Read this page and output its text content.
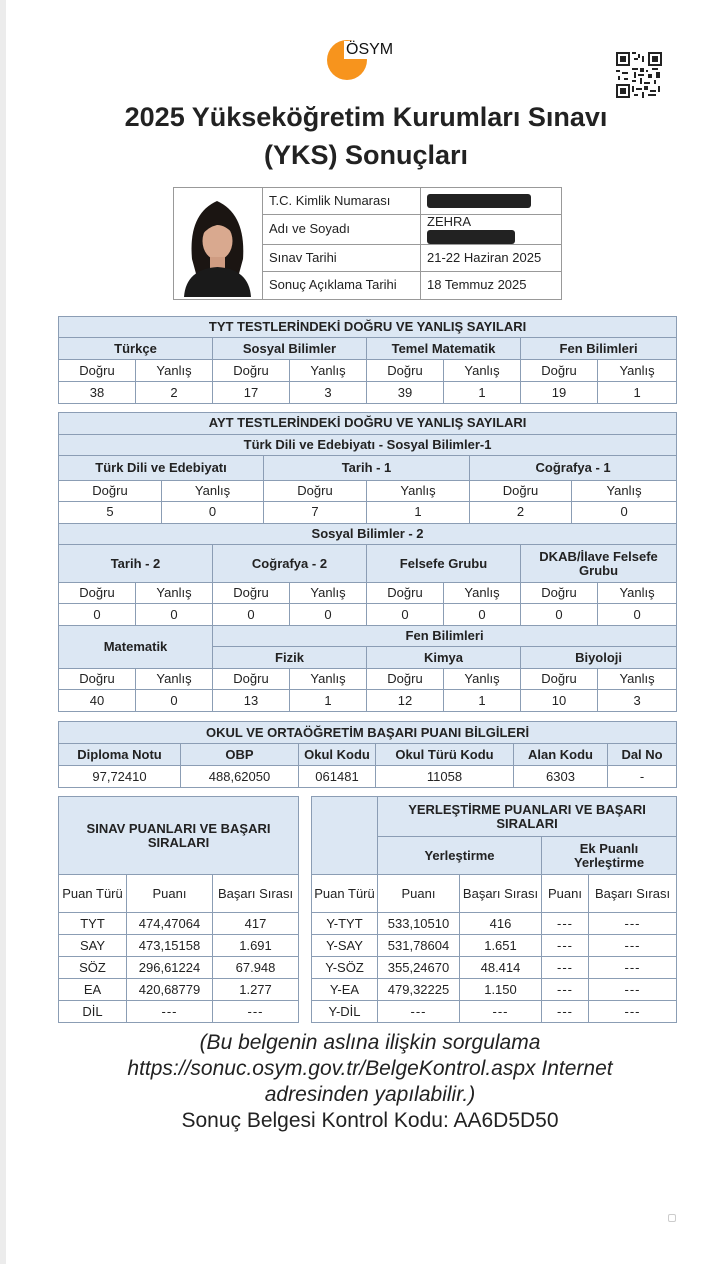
ÖSYM
2025 Yükseköğretim Kurumları Sınavı
(YKS) Sonuçları
	T.C. Kimlik Numarası	
	Adı ve Soyadı	ZEHRA
	Sınav Tarihi	21-22 Haziran 2025
	Sonuç Açıklama Tarihi	18 Temmuz 2025
TYT TESTLERİNDEKİ DOĞRU VE YANLIŞ SAYILARI							
Türkçe		Sosyal Bilimler		Temel Matematik		Fen Bilimleri	
Doğru	Yanlış	Doğru	Yanlış	Doğru	Yanlış	Doğru	Yanlış
38	2	17	3	39	1	19	1
AYT TESTLERİNDEKİ DOĞRU VE YANLIŞ SAYILARI											
Türk Dili ve Edebiyatı - Sosyal Bilimler-1											
Türk Dili ve Edebiyatı				Tarih - 1				Coğrafya - 1			
Doğru		Yanlış		Doğru		Yanlış		Doğru		Yanlış	
5		0		7		1		2		0	
Sosyal Bilimler - 2											
Tarih - 2			Coğrafya - 2			Felsefe Grubu			DKAB/İlave Felsefe Grubu		
Doğru	Yanlış		Doğru		Yanlış	Doğru	Yanlış		Doğru		Yanlış
0	0		0		0	0	0		0		0
Matematik			Fen Bilimleri								
			Fizik			Kimya			Biyoloji		
Doğru	Yanlış		Doğru		Yanlış	Doğru	Yanlış		Doğru		Yanlış
40	0		13		1	12	1		10		3
OKUL VE ORTAÖĞRETİM BAŞARI PUANI BİLGİLERİ					
Diploma Notu	OBP	Okul Kodu	Okul Türü Kodu	Alan Kodu	Dal No
97,72410	488,62050	061481	11058	6303	-
SINAV PUANLARI VE BAŞARI SIRALARI		
Puan Türü	Puanı	Başarı Sırası
TYT	474,47064	417
SAY	473,15158	1.691
SÖZ	296,61224	67.948
EA	420,68779	1.277
DİL	---	---
	YERLEŞTİRME PUANLARI VE BAŞARI SIRALARI			
	Yerleştirme		Ek Puanlı Yerleştirme	
Puan Türü	Puanı	Başarı Sırası	Puanı	Başarı Sırası
Y-TYT	533,10510	416	---	---
Y-SAY	531,78604	1.651	---	---
Y-SÖZ	355,24670	48.414	---	---
Y-EA	479,32225	1.150	---	---
Y-DİL	---	---	---	---
(Bu belgenin aslına ilişkin sorgulama
https://sonuc.osym.gov.tr/BelgeKontrol.aspx Internet
adresinden yapılabilir.)
Sonuç Belgesi Kontrol Kodu: AA6D5D50
